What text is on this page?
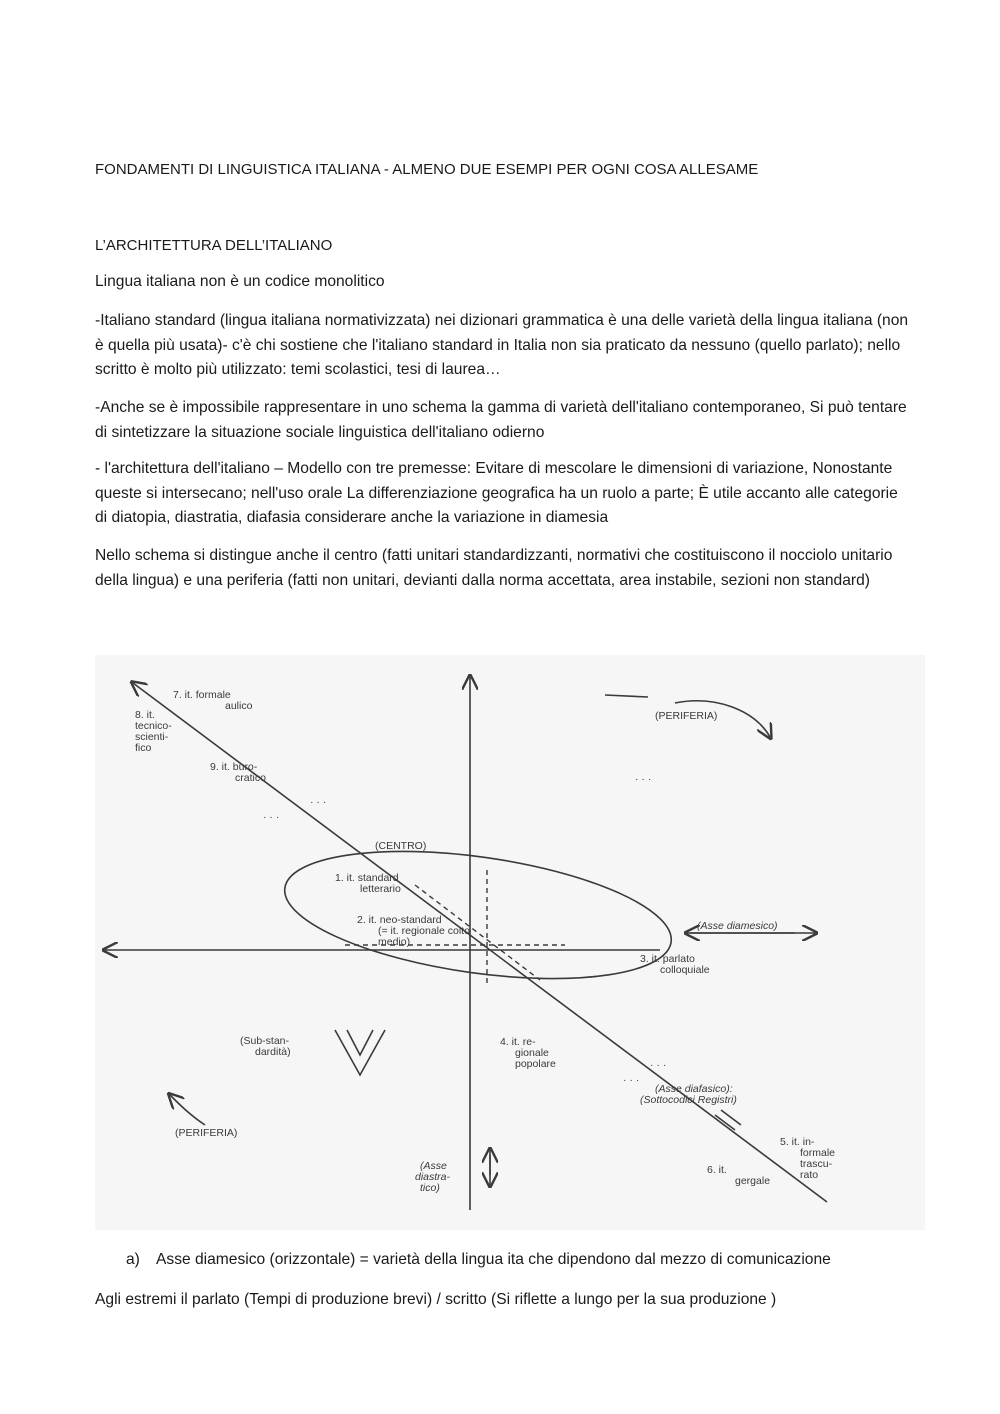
FONDAMENTI DI LINGUISTICA ITALIANA - ALMENO DUE ESEMPI PER OGNI COSA ALLESAME

L’ARCHITETTURA DELL’ITALIANO

Lingua italiana non è un codice monolitico

-Italiano standard (lingua italiana normativizzata) nei dizionari grammatica è una delle varietà della lingua italiana (non è quella più usata)- c'è chi sostiene che l'italiano standard in Italia non sia praticato da nessuno (quello parlato); nello scritto è molto più utilizzato: temi scolastici, tesi di laurea…

-Anche se è impossibile rappresentare in uno schema la gamma di varietà dell'italiano contemporaneo, Si può tentare di sintetizzare la situazione sociale linguistica dell'italiano odierno

- l'architettura dell'italiano – Modello con tre premesse: Evitare di mescolare le dimensioni di variazione, Nonostante queste si intersecano; nell'uso orale La differenziazione geografica ha un ruolo a parte; È utile accanto alle categorie di diatopia, diastratia, diafasia considerare anche la variazione in diamesia

Nello schema si distingue anche il centro (fatti unitari standardizzanti, normativi che costituiscono il nocciolo unitario della lingua) e una periferia (fatti non unitari, devianti dalla norma accettata, area instabile, sezioni non standard)

7. it. formale
aulico
8. it.
tecnico-
scienti-
fico
9. it. buro-
cratico
· · ·
· · ·
(PERIFERIA)
· · ·
(CENTRO)
1. it. standard
letterario
2. it. neo-standard
(= it. regionale colto
medio)
(Asse diamesico)
3. it. parlato
colloquiale
(Sub-stan-
dardità)
4. it. re-
gionale
popolare	· · ·
· · ·
(Asse diafasico):
(Sottocodici Registri)
(PERIFERIA)
5. it. in-
formale
trascu-
rato
6. it.
gergale
(Asse
diastra-
tico)

a) Asse diamesico (orizzontale) = varietà della lingua ita che dipendono dal mezzo di comunicazione

Agli estremi il parlato (Tempi di produzione brevi) / scritto (Si riflette a lungo per la sua produzione )
